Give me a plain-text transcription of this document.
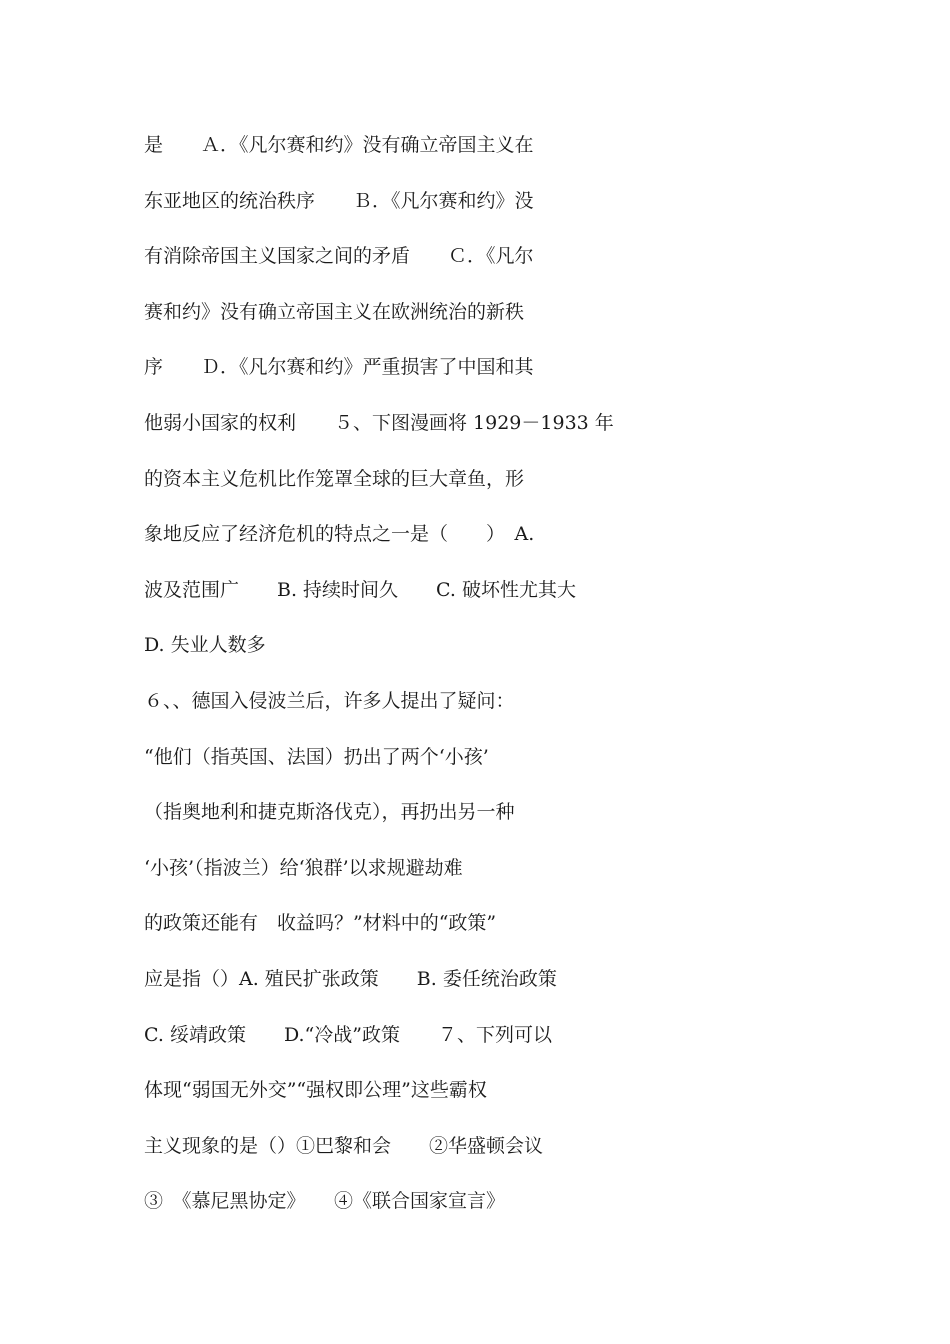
是　　Ａ．《凡尔赛和约》没有确立帝国主义在
东亚地区的统治秩序　　Ｂ．《凡尔赛和约》没
有消除帝国主义国家之间的矛盾　　Ｃ．《凡尔
赛和约》没有确立帝国主义在欧洲统治的新秩
序　　Ｄ．《凡尔赛和约》严重损害了中国和其
他弱小国家的权利　　５、下图漫画将 1929－1933 年
的资本主义危机比作笼罩全球的巨大章鱼，形
象地反应了经济危机的特点之一是（　　）　A.
波及范围广　　B. 持续时间久　　C. 破坏性尤其大
D. 失业人数多
６、、德国入侵波兰后，许多人提出了疑问：
“他们（指英国、法国）扔出了两个‘小孩’
（指奥地利和捷克斯洛伐克），再扔出另一种
‘小孩’（指波兰）给‘狼群’以求规避劫难
的政策还能有　收益吗？”材料中的“政策”
应是指（）A. 殖民扩张政策　　B. 委任统治政策
C. 绥靖政策　　D.“冷战”政策　　７、下列可以
体现“弱国无外交”“强权即公理”这些霸权
主义现象的是（）①巴黎和会　　②华盛顿会议
③　《慕尼黑协定》　　④《联合国家宣言》
